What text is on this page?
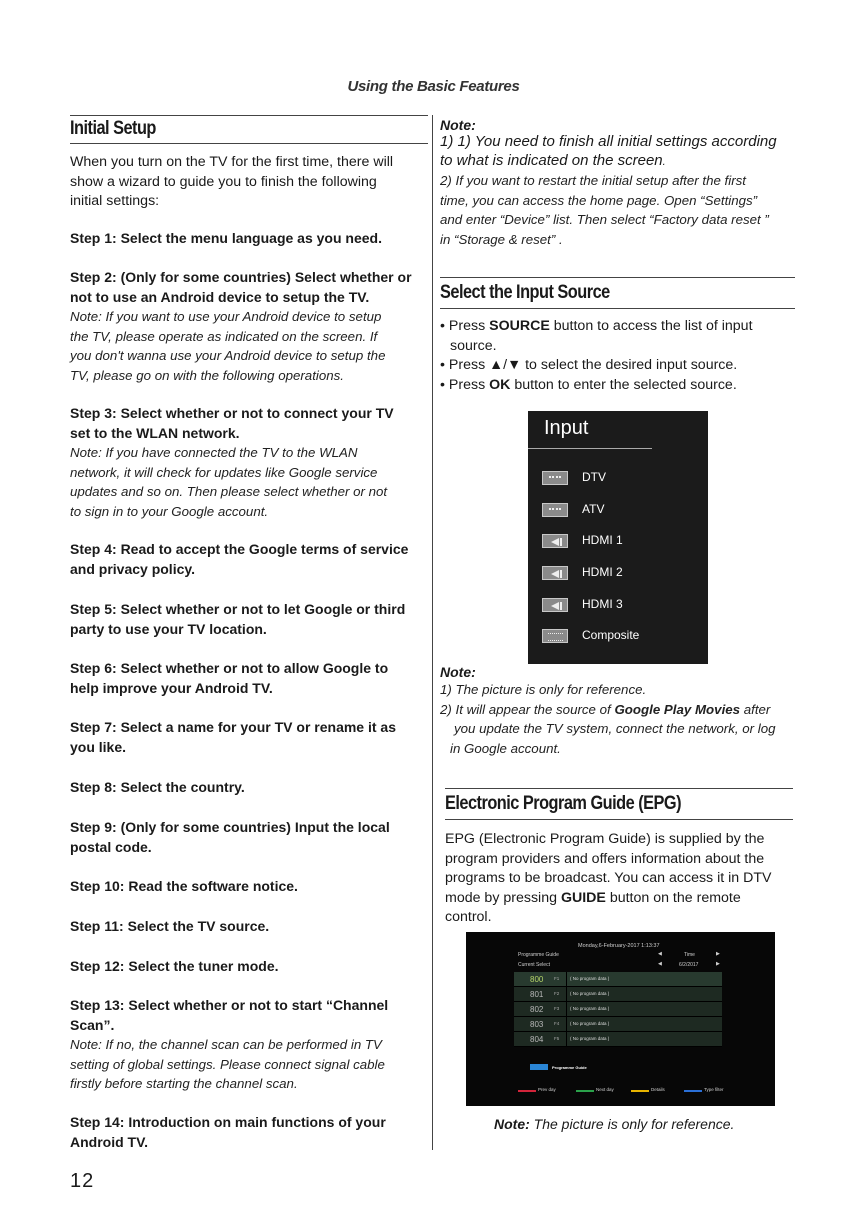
Using the Basic Features
Initial Setup
When you turn on the TV for the first time, there will
show a wizard to guide you to finish the following
initial settings:
Step 1: Select the menu language as you need.
Step 2: (Only for some countries) Select whether or
not to use an Android device to setup the TV.
Note: If you want to use your Android device to setup
the TV, please operate as indicated on the screen. If
you don't wanna use your Android device to setup the
TV, please go on with the following operations.
Step 3: Select whether or not to connect your TV
set to the WLAN network.
Note: If you have connected the TV to the WLAN
network, it will check for updates like Google service
updates and so on. Then please select whether or not
to sign in to your Google account.
Step 4: Read to accept the Google terms of service
and privacy policy.
Step 5: Select whether or not to let Google or third
party to use your TV location.
Step 6: Select whether or not to allow Google to
help improve your Android TV.
Step 7: Select a name for your TV or rename it as
you like.
Step 8: Select the country.
Step 9: (Only for some countries) Input the local
postal code.
Step 10: Read the software notice.
Step 11: Select the TV source.
Step 12: Select the tuner mode.
Step 13: Select whether or not to start “Channel
Scan”.
Note: If no, the channel scan can be performed in TV
setting of global settings. Please connect signal cable
firstly before starting the channel scan.
Step 14: Introduction on main functions of your
Android TV.
Note:
1) 1) You need to finish all initial settings according
to what is indicated on the screen.
2) If you want to restart the initial setup after the first
time, you can access the home page. Open “Settings”
and enter “Device” list. Then select “Factory data reset ”
in “Storage & reset” .
Select the Input Source
• Press SOURCE button to access the list of input
source.
• Press ▲/▼ to select the desired input source.
• Press OK button to enter the selected source.
Input
DTV
ATV
HDMI 1
HDMI 2
HDMI 3
Composite
Note:
1) The picture is only for reference.
2) It will appear the source of Google Play Movies after
you update the TV system, connect the network, or log
in Google account.
Electronic Program Guide (EPG)
EPG (Electronic Program Guide) is supplied by the
program providers and offers information about the
programs to be broadcast. You can access it in DTV
mode by pressing GUIDE button on the remote
control.
Monday,6-February-2017 1:13:37
Programme Guide
Current Select
◀	Time	▶
◀	6/2/2017	▶
800 F1 ( No program data )
801 F2 ( No program data )
802 F3 ( No program data )
803 F4 ( No program data )
804 F5 ( No program data )
Programme Guide
Prev day	Next day	Details	Type filter
Note: The picture is only for reference.
12
